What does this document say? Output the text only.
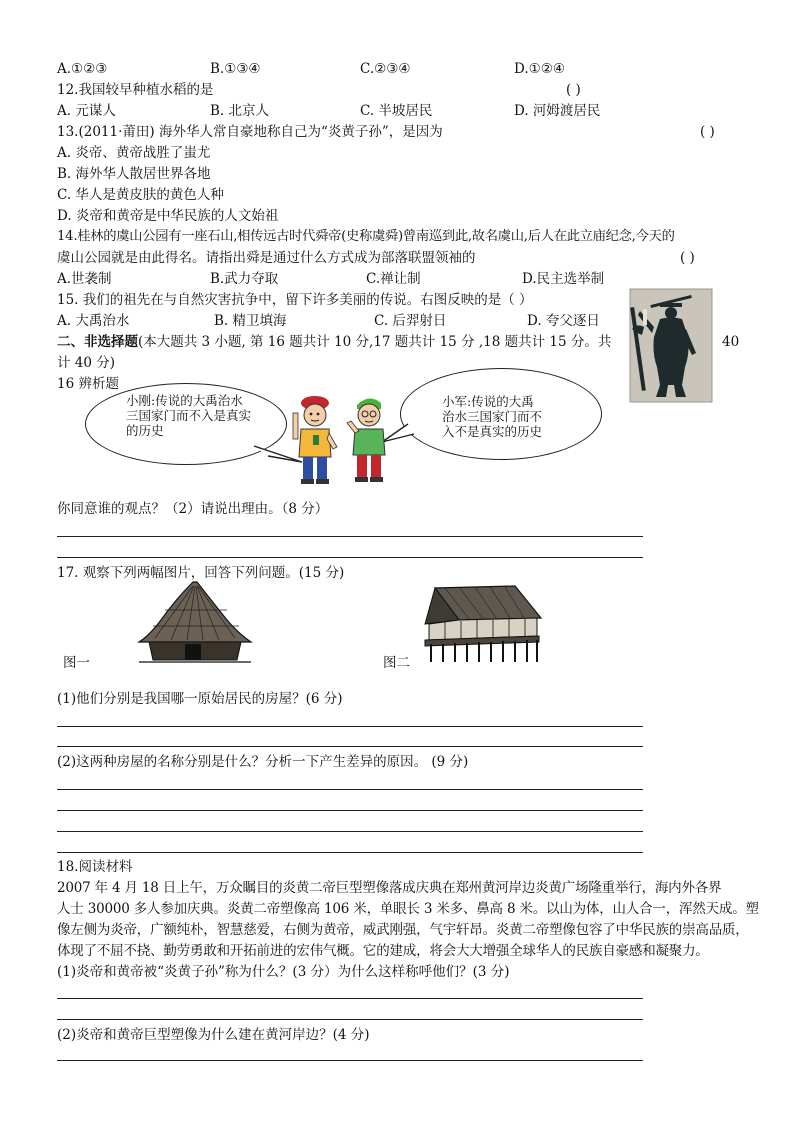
A.①②③	B.①③④	C.②③④	D.①②④
12.我国较早种植水稻的是	( )
A. 元谋人	B. 北京人	C. 半坡居民	D. 河姆渡居民
13.(2011·莆田) 海外华人常自豪地称自己为“炎黄子孙”，是因为	( )
A. 炎帝、黄帝战胜了蚩尤
B. 海外华人散居世界各地
C. 华人是黄皮肤的黄色人种
D. 炎帝和黄帝是中华民族的人文始祖
14.桂林的虞山公园有一座石山,相传远古时代舜帝(史称虞舜)曾南巡到此,故名虞山,后人在此立庙纪念,今天的
虞山公园就是由此得名。请指出舜是通过什么方式成为部落联盟领袖的	( )
A.世袭制	B.武力夺取	C.禅让制	D.民主选举制
15. 我们的祖先在与自然灾害抗争中，留下许多美丽的传说。右图反映的是（ ）
A. 大禹治水	B. 精卫填海	C. 后羿射日	D. 夸父逐日
二、非选择题(本大题共 3 小题, 第 16 题共计 10 分,17 题共计 15 分 ,18 题共计 15 分。共	40
计 40 分)
16 辨析题
小刚:传说的大禹治水
三国家门而不入是真实
的历史
小军:传说的大禹
治水三国家门而不
入不是真实的历史
你同意谁的观点？（2）请说出理由。（8 分）
17. 观察下列两幅图片，回答下列问题。(15 分)
图一	图二
(1)他们分别是我国哪一原始居民的房屋？(6 分)
(2)这两种房屋的名称分别是什么？分析一下产生差异的原因。 (9 分)
18.阅读材料
2007 年 4 月 18 日上午，万众瞩目的炎黄二帝巨型塑像落成庆典在郑州黄河岸边炎黄广场隆重举行，海内外各界
人士 30000 多人参加庆典。炎黄二帝塑像高 106 米，单眼长 3 米多、鼻高 8 米。以山为体，山人合一，浑然天成。塑
像左侧为炎帝，广额纯朴，智慧慈爱，右侧为黄帝，威武刚强，气宇轩昂。炎黄二帝塑像包容了中华民族的崇高品质，
体现了不屈不挠、勤劳勇敢和开拓前进的宏伟气概。它的建成，将会大大增强全球华人的民族自豪感和凝聚力。
(1)炎帝和黄帝被“炎黄子孙”称为什么？(3 分）为什么这样称呼他们？(3 分)
(2)炎帝和黄帝巨型塑像为什么建在黄河岸边？(4 分)
